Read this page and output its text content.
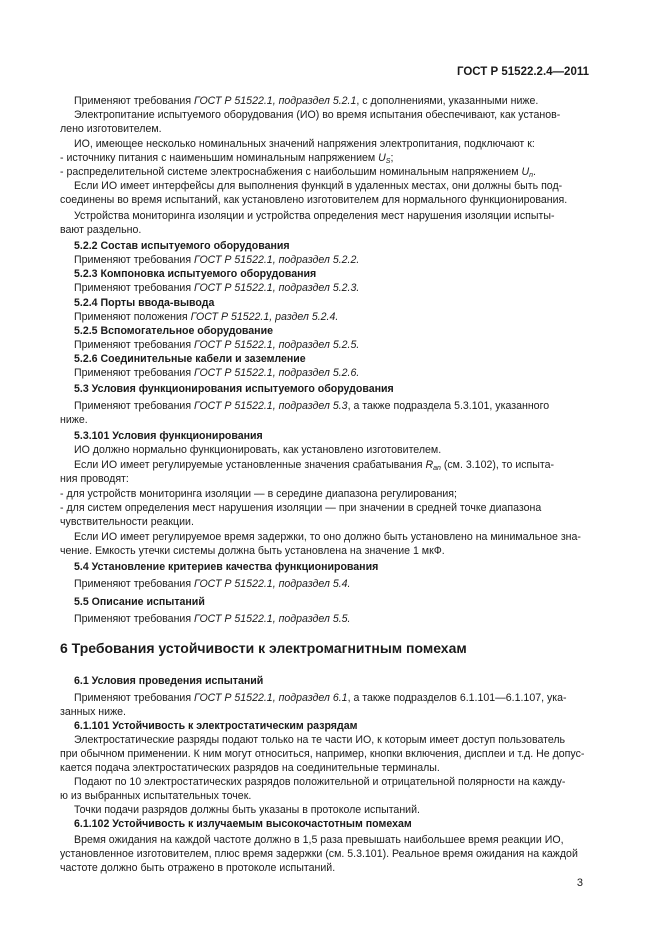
ГОСТ Р 51522.2.4—2011
Применяют требования ГОСТ Р 51522.1, подраздел 5.2.1, с дополнениями, указанными ниже.
Электропитание испытуемого оборудования (ИО) во время испытания обеспечивают, как установ-
лено изготовителем.
ИО, имеющее несколько номинальных значений напряжения электропитания, подключают к:
- источнику питания с наименьшим номинальным напряжением $U_S$;
- распределительной системе электроснабжения с наибольшим номинальным напряжением $U_n$.
Если ИО имеет интерфейсы для выполнения функций в удаленных местах, они должны быть под-
соединены во время испытаний, как установлено изготовителем для нормального функционирования.
Устройства мониторинга изоляции и устройства определения мест нарушения изоляции испыты-
вают раздельно.
5.2.2 Состав испытуемого оборудования
Применяют требования ГОСТ Р 51522.1, подраздел 5.2.2.
5.2.3 Компоновка испытуемого оборудования
Применяют требования ГОСТ Р 51522.1, подраздел 5.2.3.
5.2.4 Порты ввода-вывода
Применяют положения ГОСТ Р 51522.1, раздел 5.2.4.
5.2.5 Вспомогательное оборудование
Применяют требования ГОСТ Р 51522.1, подраздел 5.2.5.
5.2.6 Соединительные кабели и заземление
Применяют требования ГОСТ Р 51522.1, подраздел 5.2.6.
5.3 Условия функционирования испытуемого оборудования
Применяют требования ГОСТ Р 51522.1, подраздел 5.3, а также подраздела 5.3.101, указанного
ниже.
5.3.101 Условия функционирования
ИО должно нормально функционировать, как установлено изготовителем.
Если ИО имеет регулируемые установленные значения срабатывания $R_{an}$ (см. 3.102), то испыта-
ния проводят:
- для устройств мониторинга изоляции — в середине диапазона регулирования;
- для систем определения мест нарушения изоляции — при значении в средней точке диапазона
чувствительности реакции.
Если ИО имеет регулируемое время задержки, то оно должно быть установлено на минимальное зна-
чение. Емкость утечки системы должна быть установлена на значение 1 мкФ.
5.4 Установление критериев качества функционирования
Применяют требования ГОСТ Р 51522.1, подраздел 5.4.
5.5 Описание испытаний
Применяют требования ГОСТ Р 51522.1, подраздел 5.5.
6 Требования устойчивости к электромагнитным помехам
6.1 Условия проведения испытаний
Применяют требования ГОСТ Р 51522.1, подраздел 6.1, а также подразделов 6.1.101—6.1.107, ука-
занных ниже.
6.1.101 Устойчивость к электростатическим разрядам
Электростатические разряды подают только на те части ИО, к которым имеет доступ пользователь
при обычном применении. К ним могут относиться, например, кнопки включения, дисплеи и т.д. Не допус-
кается подача электростатических разрядов на соединительные терминалы.
Подают по 10 электростатических разрядов положительной и отрицательной полярности на кажду-
ю из выбранных испытательных точек.
Точки подачи разрядов должны быть указаны в протоколе испытаний.
6.1.102 Устойчивость к излучаемым высокочастотным помехам
Время ожидания на каждой частоте должно в 1,5 раза превышать наибольшее время реакции ИО,
установленное изготовителем, плюс время задержки (см. 5.3.101). Реальное время ожидания на каждой
частоте должно быть отражено в протоколе испытаний.
3
